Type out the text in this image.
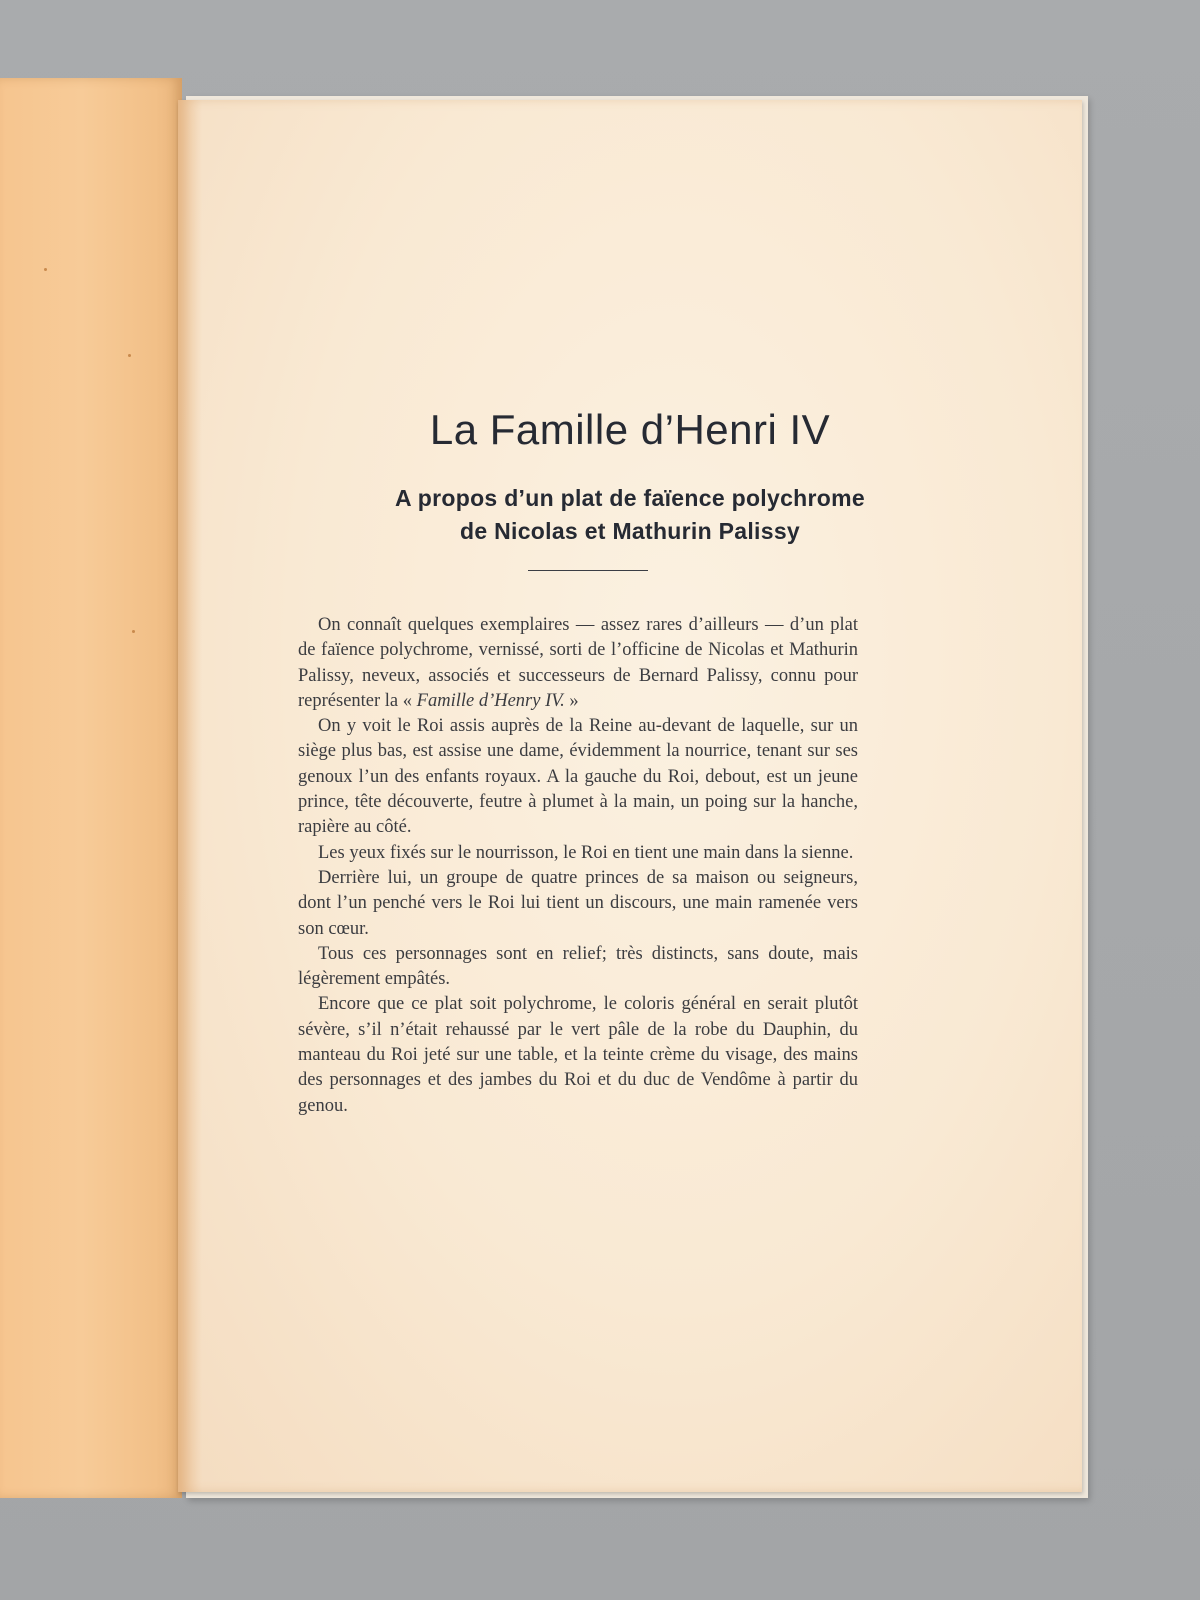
La Famille d’Henri IV
A propos d’un plat de faïence polychrome
de Nicolas et Mathurin Palissy

On connaît quelques exemplaires — assez rares d’ailleurs — d’un plat de faïence polychrome, vernissé, sorti de l’officine de Nicolas et Mathurin Palissy, neveux, associés et successeurs de Bernard Palissy, connu pour représenter la « Famille d’Henry IV. »

On y voit le Roi assis auprès de la Reine au-devant de laquelle, sur un siège plus bas, est assise une dame, évidemment la nourrice, tenant sur ses genoux l’un des enfants royaux. A la gauche du Roi, debout, est un jeune prince, tête découverte, feutre à plumet à la main, un poing sur la hanche, rapière au côté.

Les yeux fixés sur le nourrisson, le Roi en tient une main dans la sienne.

Derrière lui, un groupe de quatre princes de sa maison ou seigneurs, dont l’un penché vers le Roi lui tient un discours, une main ramenée vers son cœur.

Tous ces personnages sont en relief; très distincts, sans doute, mais légèrement empâtés.

Encore que ce plat soit polychrome, le coloris général en serait plutôt sévère, s’il n’était rehaussé par le vert pâle de la robe du Dauphin, du manteau du Roi jeté sur une table, et la teinte crème du visage, des mains des personnages et des jambes du Roi et du duc de Vendôme à partir du genou.
